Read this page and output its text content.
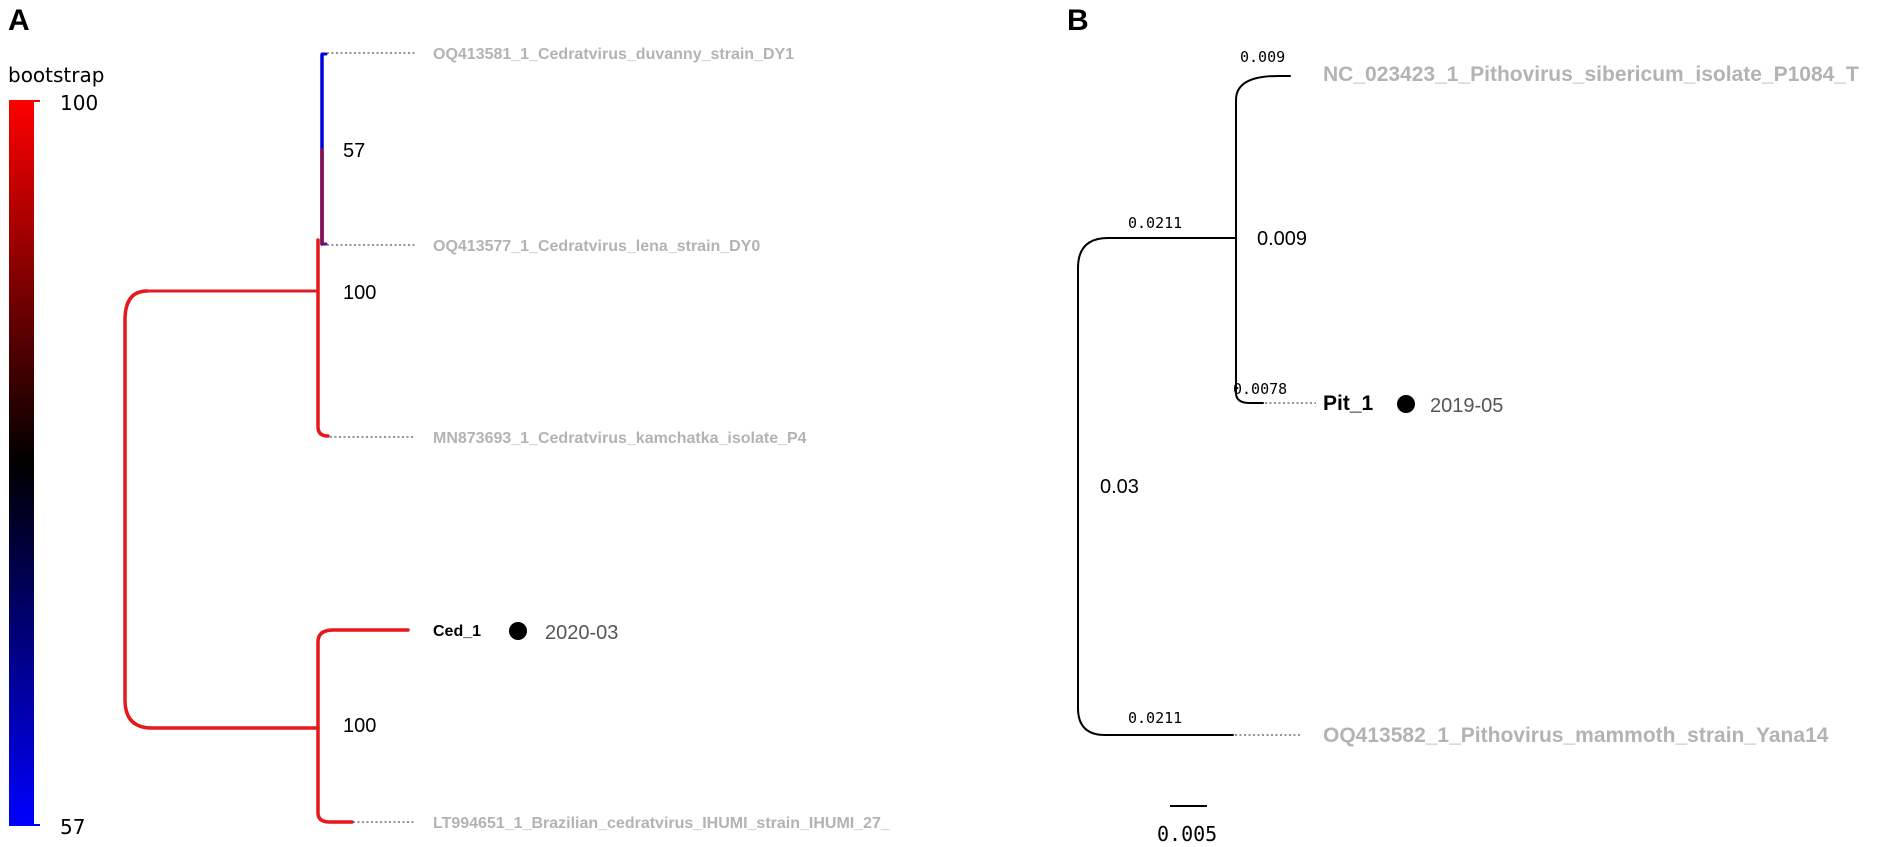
A
bootstrap
100
57
OQ413581_1_Cedratvirus_duvanny_strain_DY1
OQ413577_1_Cedratvirus_lena_strain_DY0
MN873693_1_Cedratvirus_kamchatka_isolate_P4
Ced_1	2020-03
LT994651_1_Brazilian_cedratvirus_IHUMI_strain_IHUMI_27_
57
100
100
B
0.009
0.0078
0.0211
0.0211
0.009
0.03
NC_023423_1_Pithovirus_sibericum_isolate_P1084_T
Pit_1	2019-05
OQ413582_1_Pithovirus_mammoth_strain_Yana14
0.005
